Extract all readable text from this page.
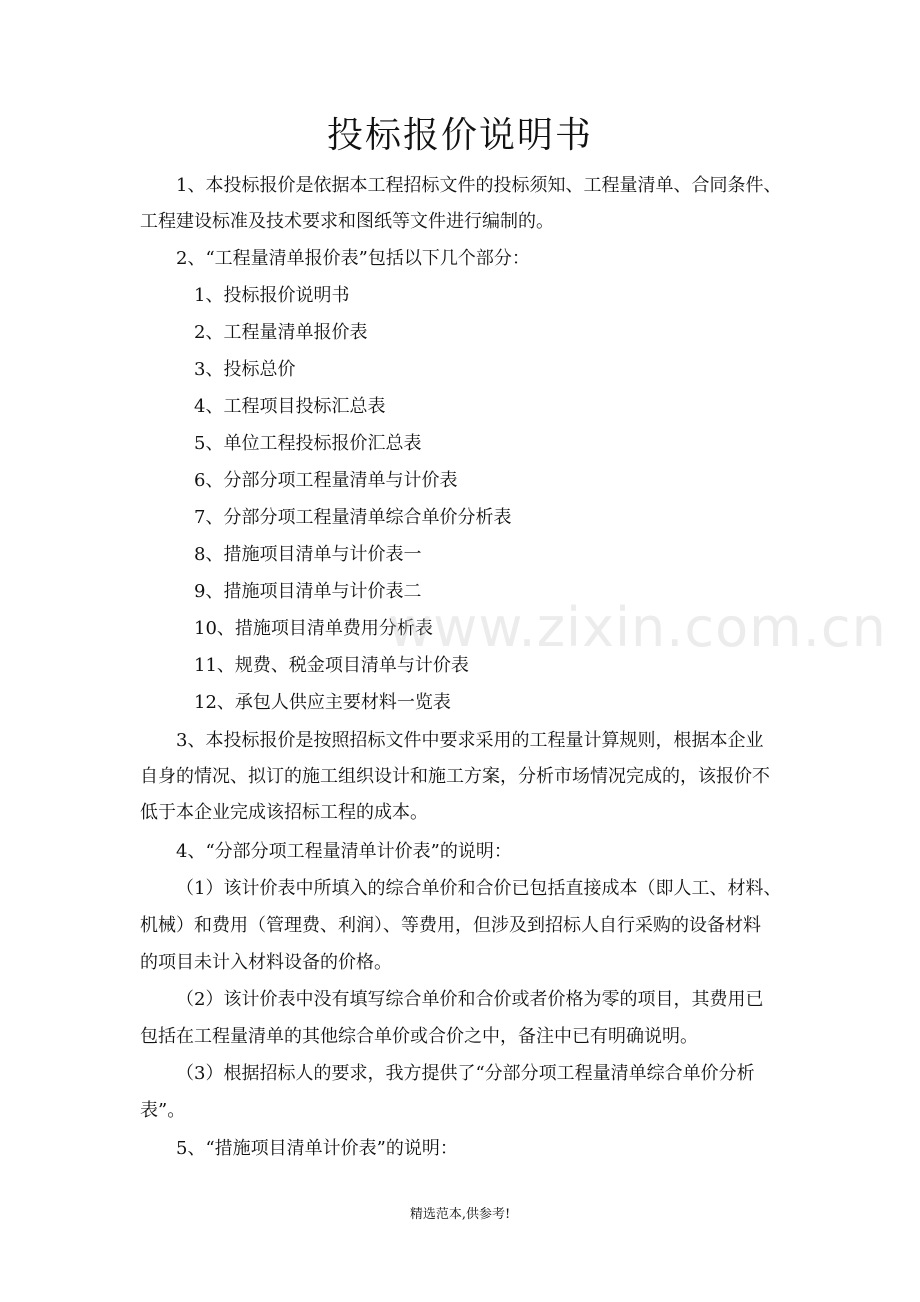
投标报价说明书
1、本投标报价是依据本工程招标文件的投标须知、工程量清单、合同条件、
工程建设标准及技术要求和图纸等文件进行编制的。
2、“工程量清单报价表”包括以下几个部分：
1、投标报价说明书
2、工程量清单报价表
3、投标总价
4、工程项目投标汇总表
5、单位工程投标报价汇总表
6、分部分项工程量清单与计价表
7、分部分项工程量清单综合单价分析表
8、措施项目清单与计价表一
9、措施项目清单与计价表二
10、措施项目清单费用分析表
11、规费、税金项目清单与计价表
12、承包人供应主要材料一览表
3、本投标报价是按照招标文件中要求采用的工程量计算规则，根据本企业
自身的情况、拟订的施工组织设计和施工方案，分析市场情况完成的，该报价不
低于本企业完成该招标工程的成本。
4、“分部分项工程量清单计价表”的说明：
（1）该计价表中所填入的综合单价和合价已包括直接成本（即人工、材料、
机械）和费用（管理费、利润）、等费用，但涉及到招标人自行采购的设备材料
的项目未计入材料设备的价格。
（2）该计价表中没有填写综合单价和合价或者价格为零的项目，其费用已
包括在工程量清单的其他综合单价或合价之中，备注中已有明确说明。
（3）根据招标人的要求，我方提供了“分部分项工程量清单综合单价分析
表”。
5、“措施项目清单计价表”的说明：
www.zixin.com.cn
精选范本,供参考!
